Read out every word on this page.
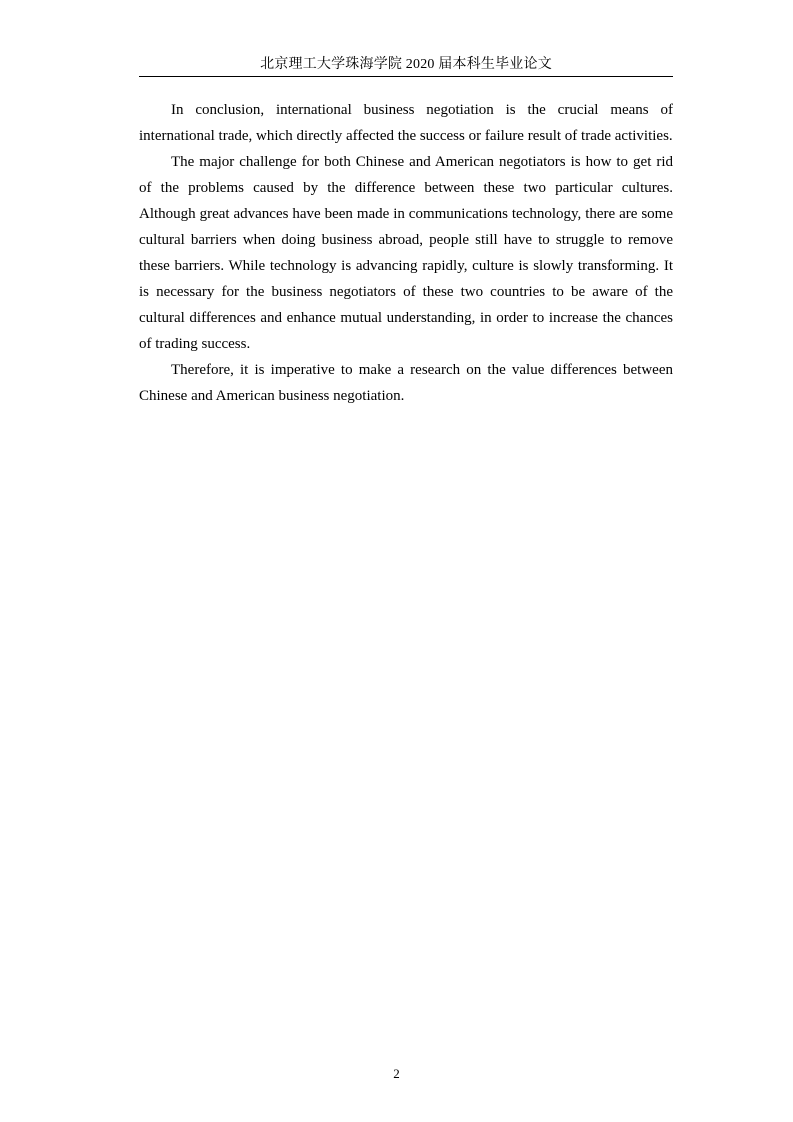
北京理工大学珠海学院 2020 届本科生毕业论文

In conclusion, international business negotiation is the crucial means of international trade, which directly affected the success or failure result of trade activities.

The major challenge for both Chinese and American negotiators is how to get rid of the problems caused by the difference between these two particular cultures. Although great advances have been made in communications technology, there are some cultural barriers when doing business abroad, people still have to struggle to remove these barriers. While technology is advancing rapidly, culture is slowly transforming. It is necessary for the business negotiators of these two countries to be aware of the cultural differences and enhance mutual understanding, in order to increase the chances of trading success.

Therefore, it is imperative to make a research on the value differences between Chinese and American business negotiation.

2
